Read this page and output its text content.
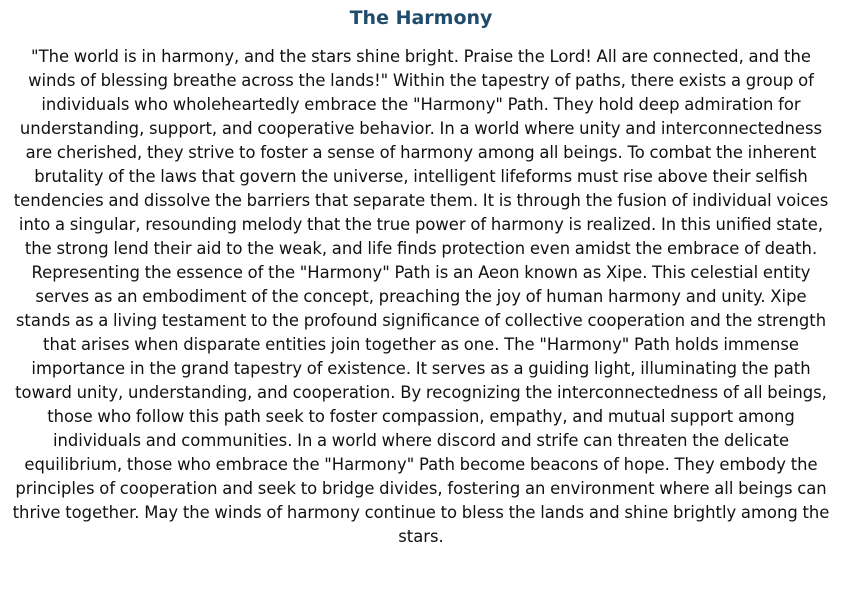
The Harmony

"The world is in harmony, and the stars shine bright. Praise the Lord! All are connected, and the winds of blessing breathe across the lands!" Within the tapestry of paths, there exists a group of individuals who wholeheartedly embrace the "Harmony" Path. They hold deep admiration for understanding, support, and cooperative behavior. In a world where unity and interconnectedness are cherished, they strive to foster a sense of harmony among all beings. To combat the inherent brutality of the laws that govern the universe, intelligent lifeforms must rise above their selfish tendencies and dissolve the barriers that separate them. It is through the fusion of individual voices into a singular, resounding melody that the true power of harmony is realized. In this unified state, the strong lend their aid to the weak, and life finds protection even amidst the embrace of death. Representing the essence of the "Harmony" Path is an Aeon known as Xipe. This celestial entity serves as an embodiment of the concept, preaching the joy of human harmony and unity. Xipe stands as a living testament to the profound significance of collective cooperation and the strength that arises when disparate entities join together as one. The "Harmony" Path holds immense importance in the grand tapestry of existence. It serves as a guiding light, illuminating the path toward unity, understanding, and cooperation. By recognizing the interconnectedness of all beings, those who follow this path seek to foster compassion, empathy, and mutual support among individuals and communities. In a world where discord and strife can threaten the delicate equilibrium, those who embrace the "Harmony" Path become beacons of hope. They embody the principles of cooperation and seek to bridge divides, fostering an environment where all beings can thrive together. May the winds of harmony continue to bless the lands and shine brightly among the stars.
